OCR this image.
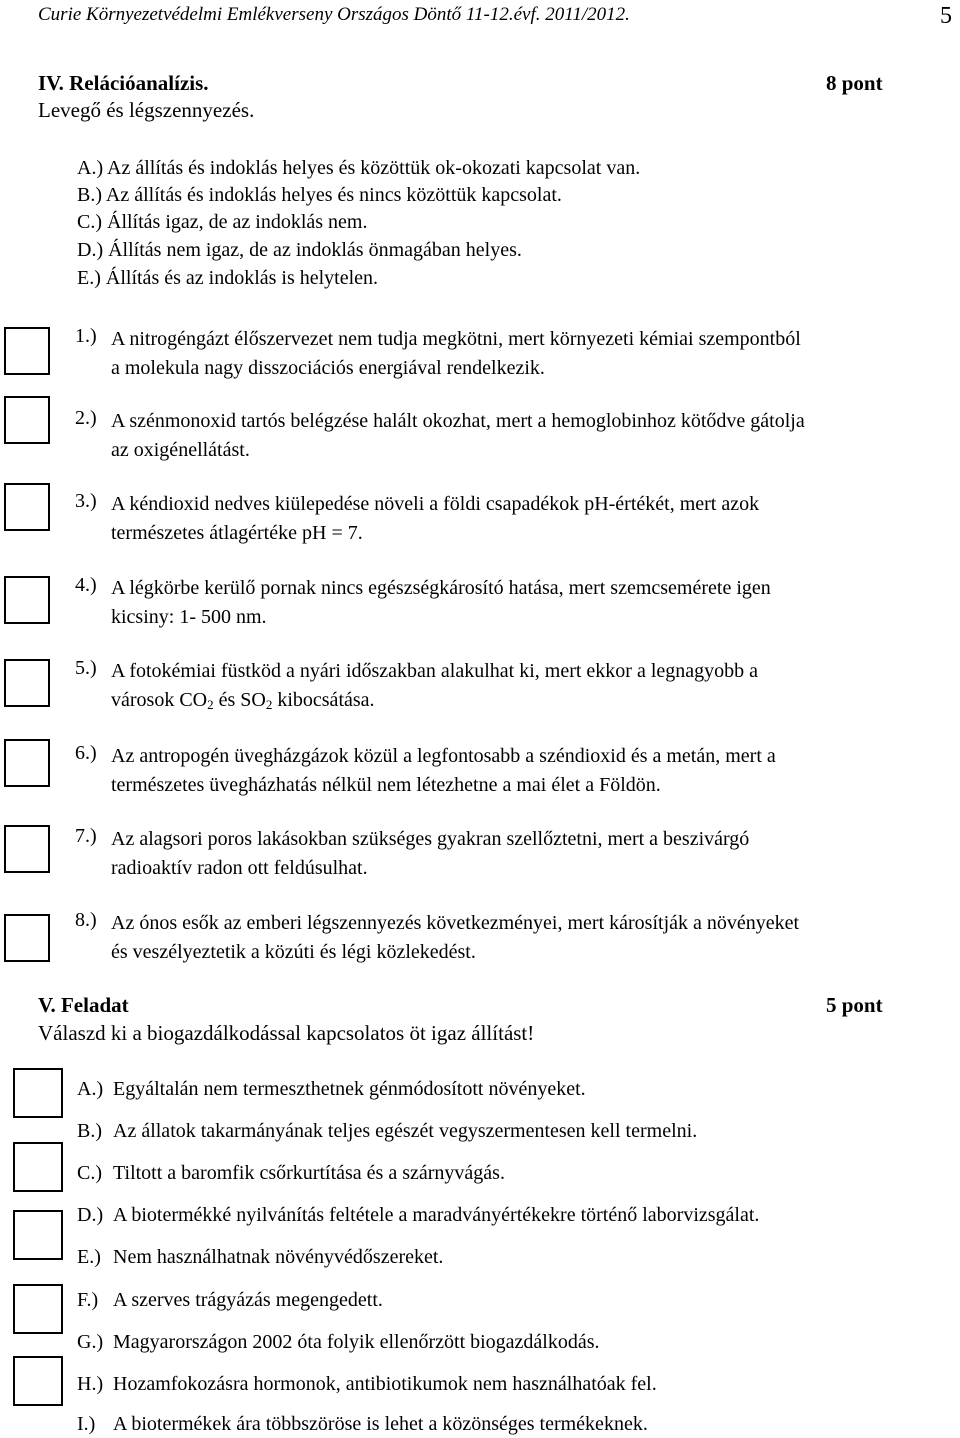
Curie Környezetvédelmi Emlékverseny Országos Döntő 11-12.évf. 2011/2012.	5
IV. Relációanalízis.	8 pont
Levegő és légszennyezés.
A.) Az állítás és indoklás helyes és közöttük ok-okozati kapcsolat van.
B.) Az állítás és indoklás helyes és nincs közöttük kapcsolat.
C.) Állítás igaz, de az indoklás nem.
D.) Állítás nem igaz, de az indoklás önmagában helyes.
E.) Állítás és az indoklás is helytelen.
1.) A nitrogéngázt élőszervezet nem tudja megkötni, mert környezeti kémiai szempontból
a molekula nagy disszociációs energiával rendelkezik.
2.) A szénmonoxid tartós belégzése halált okozhat, mert a hemoglobinhoz kötődve gátolja
az oxigénellátást.
3.) A kéndioxid nedves kiülepedése növeli a földi csapadékok pH-értékét, mert azok
természetes átlagértéke pH = 7.
4.) A légkörbe kerülő pornak nincs egészségkárosító hatása, mert szemcsemérete igen
kicsiny: 1- 500 nm.
5.) A fotokémiai füstköd a nyári időszakban alakulhat ki, mert ekkor a legnagyobb a
városok $CO_2$ és $SO_2$ kibocsátása.
6.) Az antropogén üvegházgázok közül a legfontosabb a széndioxid és a metán, mert a
természetes üvegházhatás nélkül nem létezhetne a mai élet a Földön.
7.) Az alagsori poros lakásokban szükséges gyakran szellőztetni, mert a beszivárgó
radioaktív radon ott feldúsulhat.
8.) Az ónos esők az emberi légszennyezés következményei, mert károsítják a növényeket
és veszélyeztetik a közúti és légi közlekedést.
V. Feladat	5 pont
Válaszd ki a biogazdálkodással kapcsolatos öt igaz állítást!
A.) Egyáltalán nem termeszthetnek génmódosított növényeket.
B.) Az állatok takarmányának teljes egészét vegyszermentesen kell termelni.
C.) Tiltott a baromfik csőrkurtítása és a szárnyvágás.
D.) A biotermékké nyilvánítás feltétele a maradványértékekre történő laborvizsgálat.
E.) Nem használhatnak növényvédőszereket.
F.) A szerves trágyázás megengedett.
G.) Magyarországon 2002 óta folyik ellenőrzött biogazdálkodás.
H.) Hozamfokozásra hormonok, antibiotikumok nem használhatóak fel.
I.) A biotermékek ára többszöröse is lehet a közönséges termékeknek.
